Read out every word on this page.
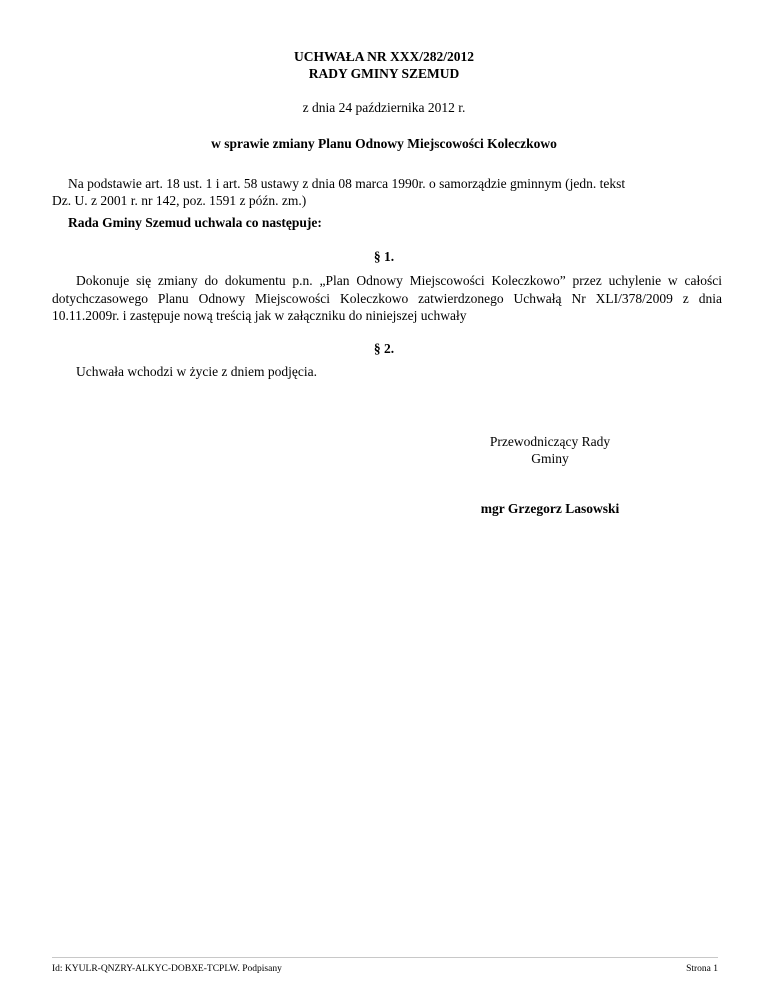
UCHWAŁA NR XXX/282/2012
RADY GMINY SZEMUD
z dnia 24 października 2012 r.
w sprawie zmiany Planu Odnowy Miejscowości Koleczkowo
Na podstawie art. 18 ust. 1 i art. 58 ustawy z dnia 08 marca 1990r. o samorządzie gminnym (jedn. tekst
Dz. U. z 2001 r. nr 142, poz. 1591 z późn. zm.)
Rada Gminy Szemud uchwala co następuje:
§ 1.
Dokonuje się zmiany do dokumentu p.n. „Plan Odnowy Miejscowości Koleczkowo” przez uchylenie w całości dotychczasowego Planu Odnowy Miejscowości Koleczkowo zatwierdzonego Uchwałą Nr XLI/378/2009 z dnia 10.11.2009r. i zastępuje nową treścią jak w załączniku do niniejszej uchwały
§ 2.
Uchwała wchodzi w życie z dniem podjęcia.
Przewodniczący Rady
Gminy
mgr Grzegorz Lasowski
Id: KYULR-QNZRY-ALKYC-DOBXE-TCPLW. Podpisany	Strona 1
